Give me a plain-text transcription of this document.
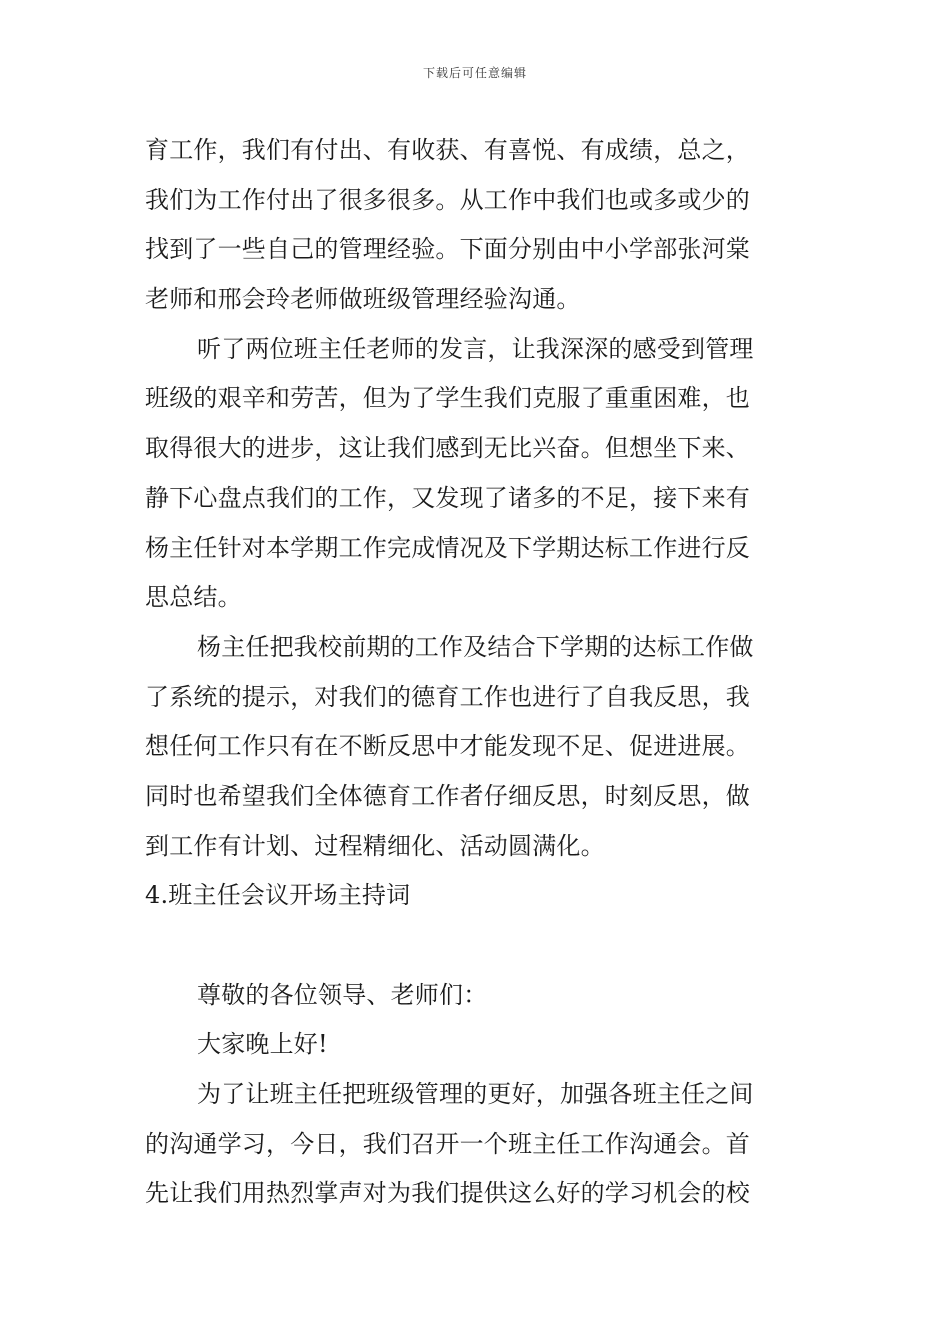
下载后可任意编辑
育工作，我们有付出、有收获、有喜悦、有成绩，总之，
我们为工作付出了很多很多。从工作中我们也或多或少的
找到了一些自己的管理经验。下面分别由中小学部张河棠
老师和邢会玲老师做班级管理经验沟通。
听了两位班主任老师的发言，让我深深的感受到管理
班级的艰辛和劳苦，但为了学生我们克服了重重困难，也
取得很大的进步，这让我们感到无比兴奋。但想坐下来、
静下心盘点我们的工作，又发现了诸多的不足，接下来有
杨主任针对本学期工作完成情况及下学期达标工作进行反
思总结。
杨主任把我校前期的工作及结合下学期的达标工作做
了系统的提示，对我们的德育工作也进行了自我反思，我
想任何工作只有在不断反思中才能发现不足、促进进展。
同时也希望我们全体德育工作者仔细反思，时刻反思，做
到工作有计划、过程精细化、活动圆满化。
4.班主任会议开场主持词
尊敬的各位领导、老师们：
大家晚上好!
为了让班主任把班级管理的更好，加强各班主任之间
的沟通学习，今日，我们召开一个班主任工作沟通会。首
先让我们用热烈掌声对为我们提供这么好的学习机会的校
